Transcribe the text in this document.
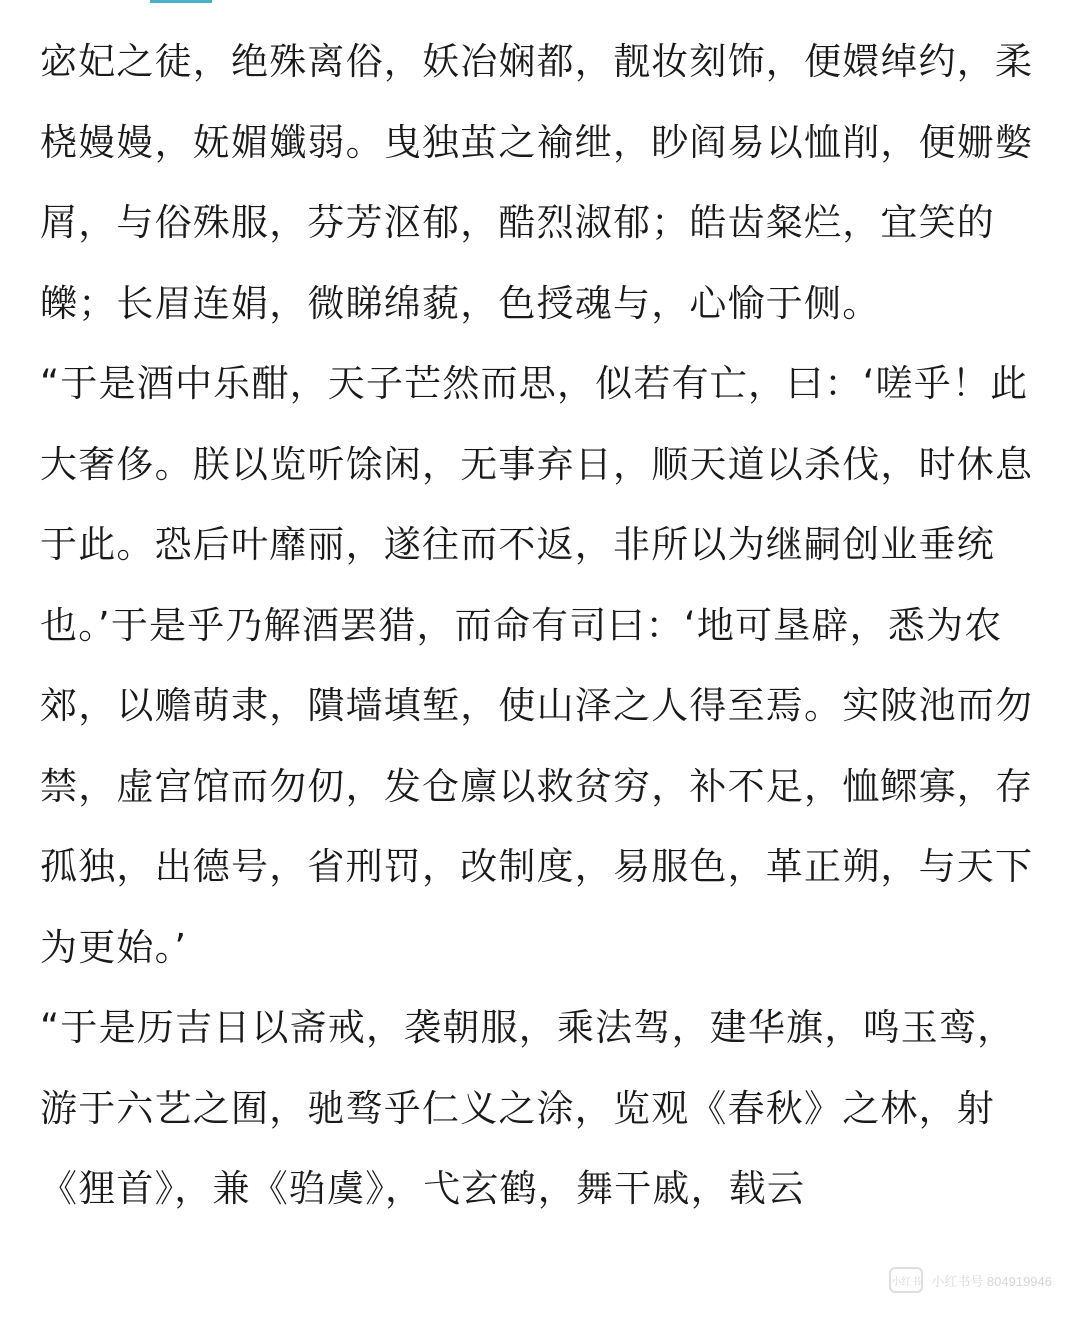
宓妃之徒，绝殊离俗，妖冶娴都，靓妆刻饰，便嬛绰约，柔桡嫚嫚，妩媚孅弱。曳独茧之褕绁，眇阎易以恤削，便姗嫳屑，与俗殊服，芬芳沤郁，酷烈淑郁；皓齿粲烂，宜笑的皪；长眉连娟，微睇绵藐，色授魂与，心愉于侧。

“于是酒中乐酣，天子芒然而思，似若有亡，曰：‘嗟乎！此大奢侈。朕以览听馀闲，无事弃日，顺天道以杀伐，时休息于此。恐后叶靡丽，遂往而不返，非所以为继嗣创业垂统也。’于是乎乃解酒罢猎，而命有司曰：‘地可垦辟，悉为农郊，以赡萌隶，隤墙填堑，使山泽之人得至焉。实陂池而勿禁，虚宫馆而勿仞，发仓廪以救贫穷，补不足，恤鳏寡，存孤独，出德号，省刑罚，改制度，易服色，革正朔，与天下为更始。’

“于是历吉日以斋戒，袭朝服，乘法驾，建华旗，鸣玉鸾，游于六艺之囿，驰骛乎仁义之涂，览观《春秋》之林，射《狸首》，兼《驺虞》，弋玄鹤，舞干戚，载云

小红书 小红书号 804919946
